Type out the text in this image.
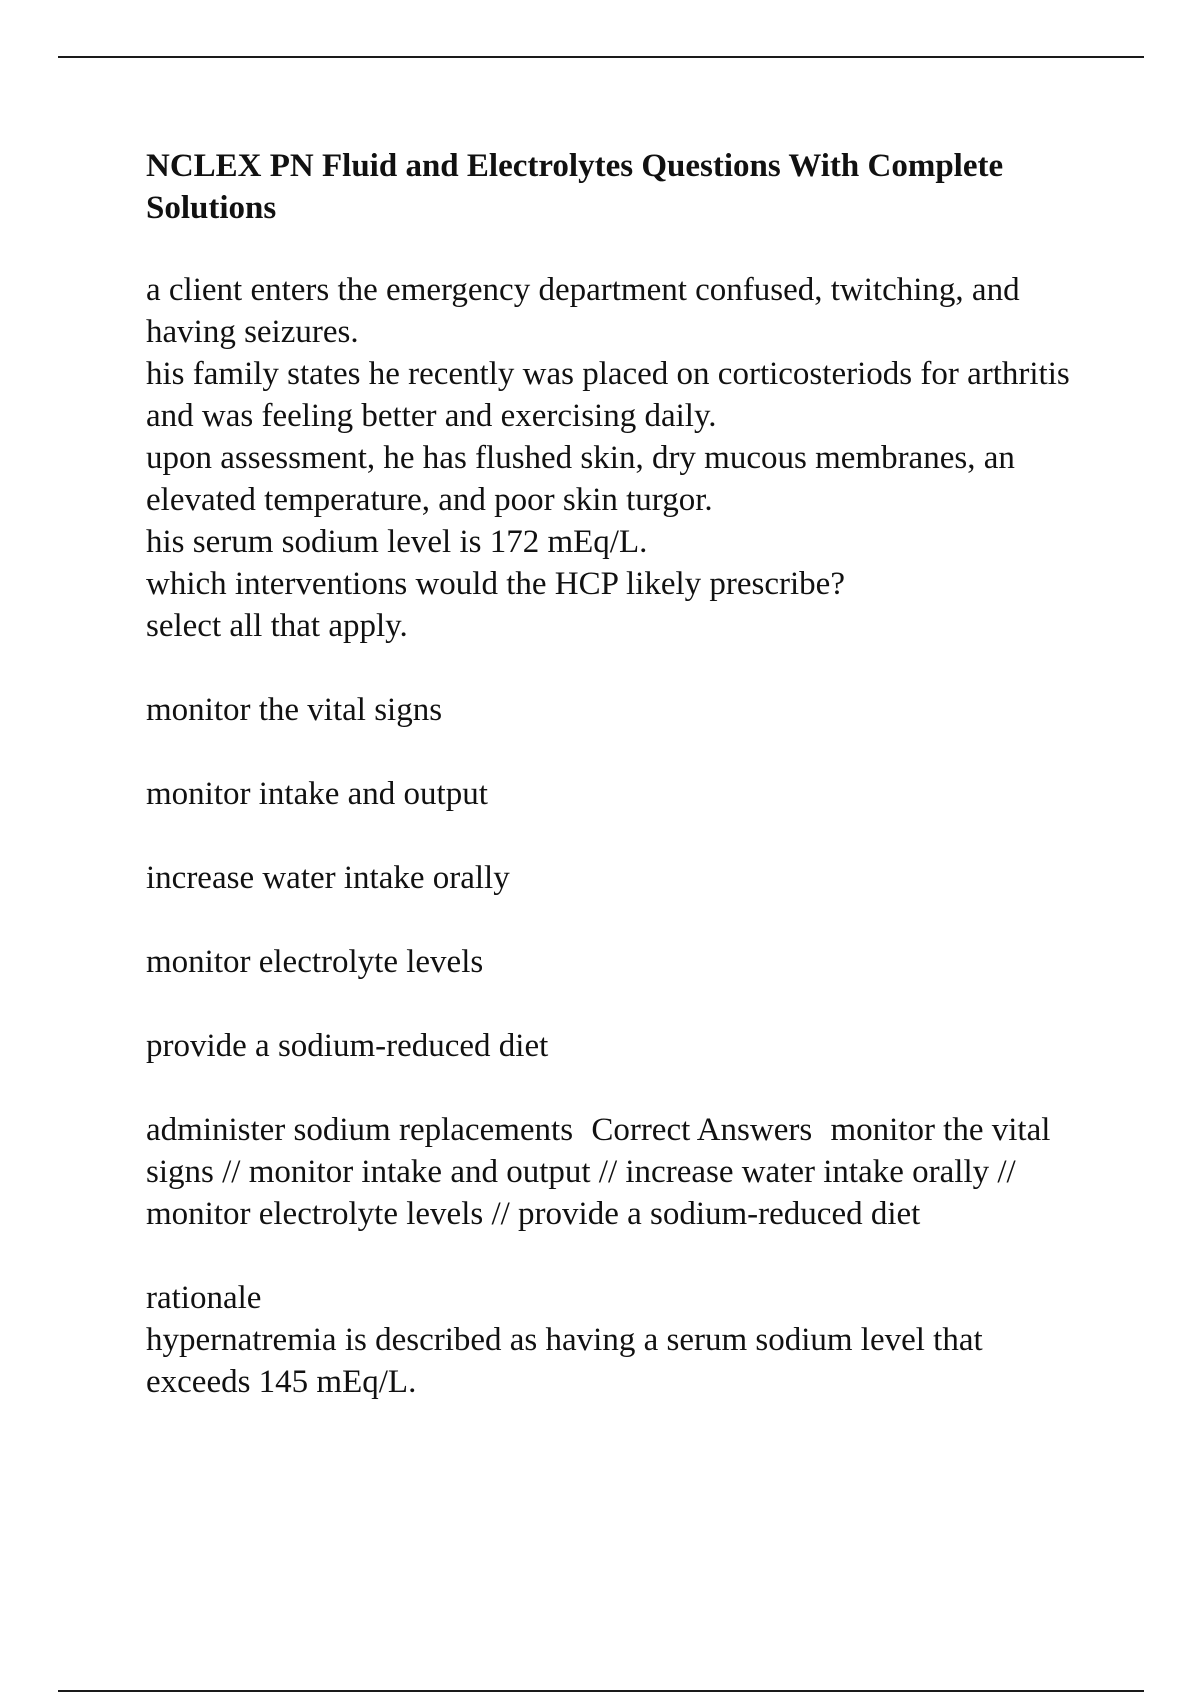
NCLEX PN Fluid and Electrolytes Questions With Complete Solutions

a client enters the emergency department confused, twitching, and having seizures.

his family states he recently was placed on corticosteriods for arthritis and was feeling better and exercising daily.

upon assessment, he has flushed skin, dry mucous membranes, an elevated temperature, and poor skin turgor.

his serum sodium level is 172 mEq/L.

which interventions would the HCP likely prescribe?

select all that apply.

monitor the vital signs
monitor intake and output
increase water intake orally
monitor electrolyte levels
provide a sodium-reduced diet
administer sodium replacements Correct Answers monitor the vital signs // monitor intake and output // increase water intake orally // monitor electrolyte levels // provide a sodium-reduced diet

rationale

hypernatremia is described as having a serum sodium level that exceeds 145 mEq/L.
